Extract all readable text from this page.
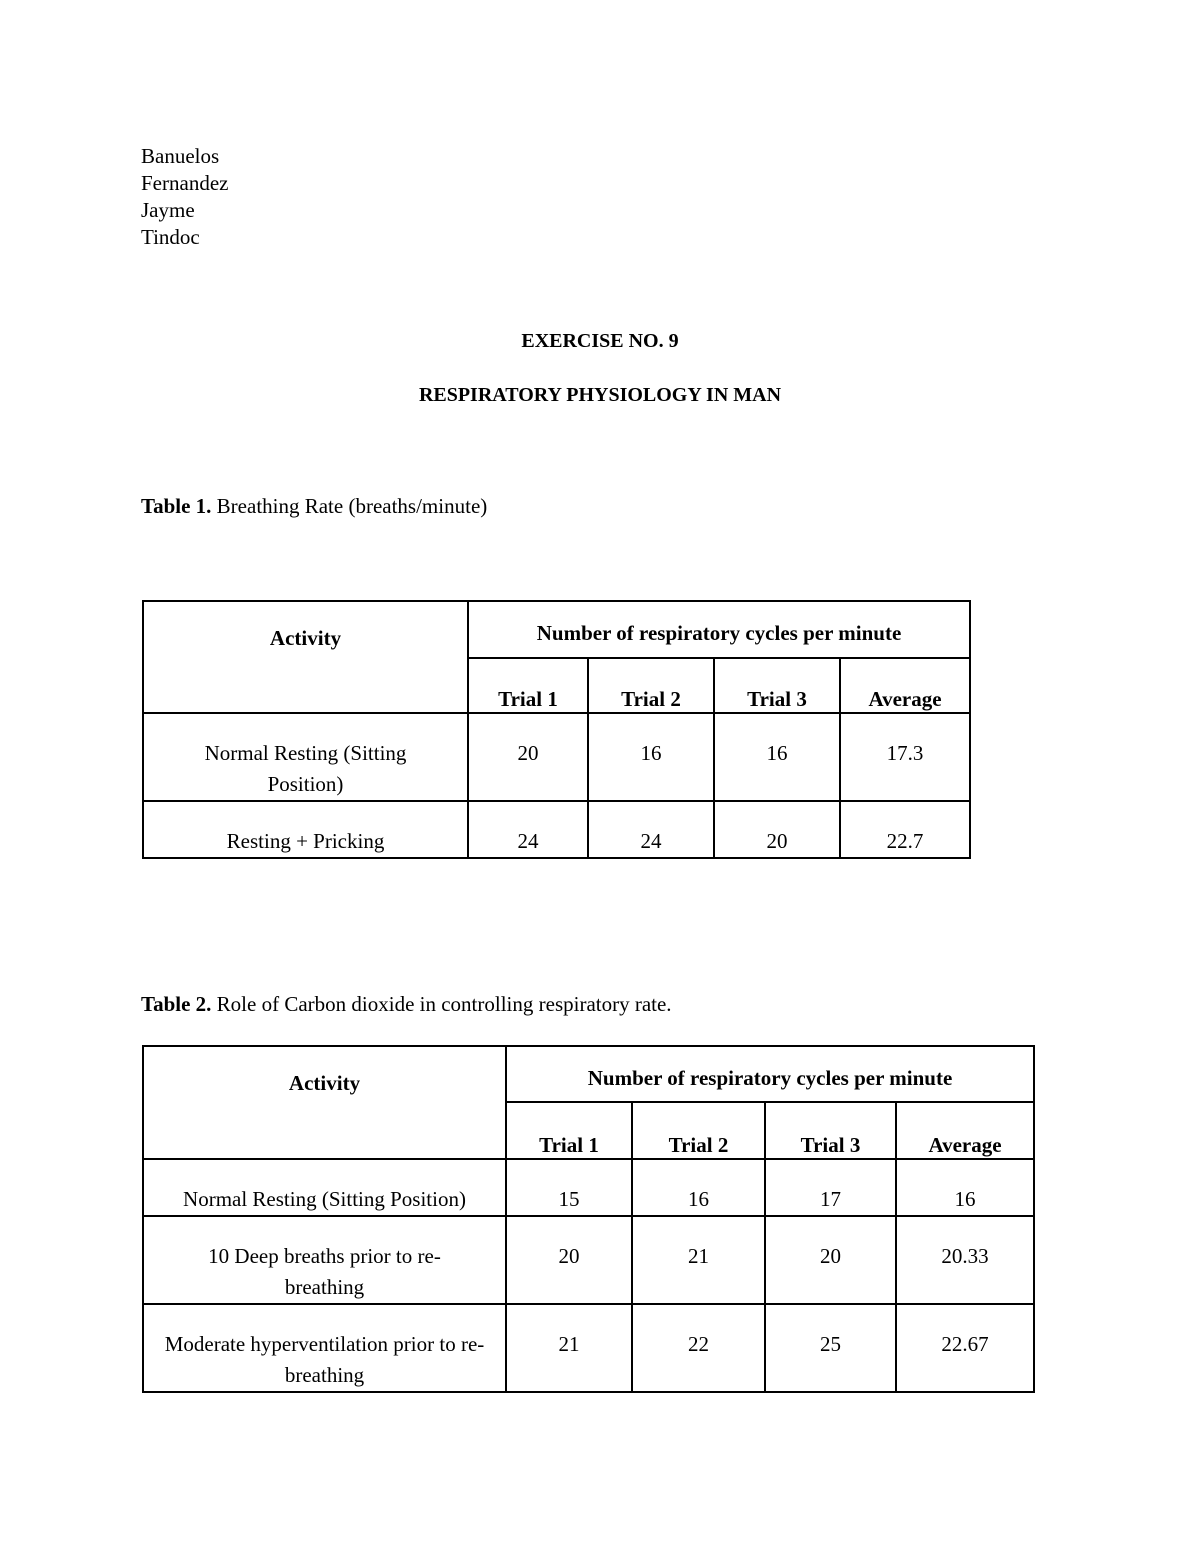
Banuelos
Fernandez
Jayme
Tindoc
EXERCISE NO. 9
RESPIRATORY PHYSIOLOGY IN MAN
Table 1. Breathing Rate (breaths/minute)
Activity	Number of respiratory cycles per minute			
	Trial 1	Trial 2	Trial 3	Average
Normal Resting (Sitting Position)	20	16	16	17.3
Resting + Pricking	24	24	20	22.7
Table 2. Role of Carbon dioxide in controlling respiratory rate.
Activity	Number of respiratory cycles per minute			
	Trial 1	Trial 2	Trial 3	Average
Normal Resting (Sitting Position)	15	16	17	16
10 Deep breaths prior to re-breathing	20	21	20	20.33
Moderate hyperventilation prior to re-breathing	21	22	25	22.67
